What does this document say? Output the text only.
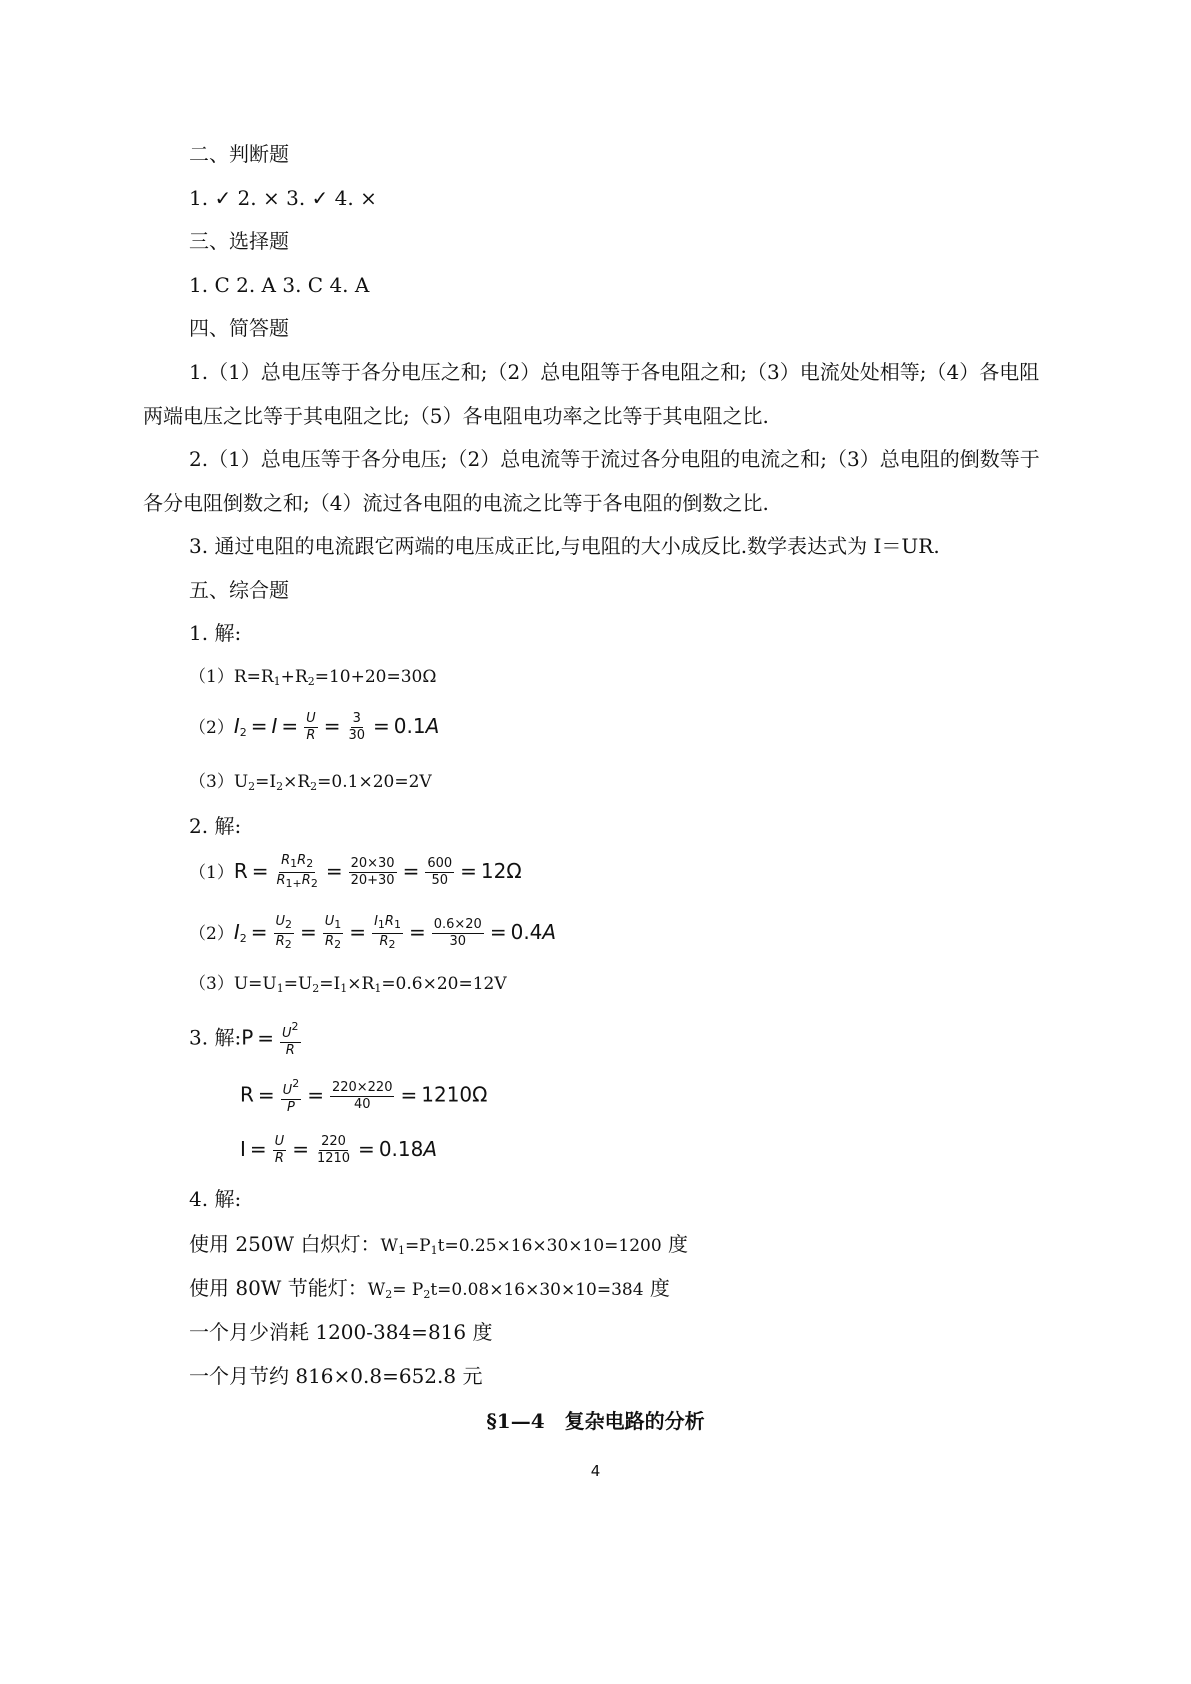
二、判断题
1. ✓ 2. × 3. ✓ 4. ×
三、选择题
1. C 2. A 3. C 4. A
四、简答题
1.（1）总电压等于各分电压之和;（2）总电阻等于各电阻之和;（3）电流处处相等;（4）各电阻
两端电压之比等于其电阻之比;（5）各电阻电功率之比等于其电阻之比.
2.（1）总电压等于各分电压;（2）总电流等于流过各分电阻的电流之和;（3）总电阻的倒数等于
各分电阻倒数之和;（4）流过各电阻的电流之比等于各电阻的倒数之比.
3. 通过电阻的电流跟它两端的电压成正比,与电阻的大小成反比.数学表达式为 I＝UR.
五、综合题
1. 解:
$(1)R=R_1+R_2=10+20=30\Omega$
$(2)I_2 = I = \frac{U}{R} = \frac{3}{30} = 0.1A$
$(3)U_2=I_2\times R_2=0.1\times 20=2V$
2. 解:
$(1)R = \frac{R_1R_2}{R_{1+}R_2} = \frac{20\times 30}{20+30} = \frac{600}{50} = 12\Omega$
$(2)I_2 = \frac{U_2}{R_2} = \frac{U_1}{R_2} = \frac{I_1R_1}{R_2} = \frac{0.6\times 20}{30} = 0.4A$
$(3)U=U_1=U_2=I_1\times R_1=0.6\times 20=12V$
3. 解:P = $\frac{U^2}{R}$
$R = \frac{U^2}{P} = \frac{220\times 220}{40} = 1210\Omega$
$I = \frac{U}{R} = \frac{220}{1210} = 0.18A$
4. 解:
使用 250W 白炽灯：$W_1=P_1t=0.25\times 16\times 30\times 10=1200$ 度
使用 80W 节能灯：$W_2= P_2t=0.08\times 16\times 30\times 10=384$ 度
一个月少消耗 1200-384=816 度
一个月节约 816×0.8=652.8 元
§1—4　复杂电路的分析
4
